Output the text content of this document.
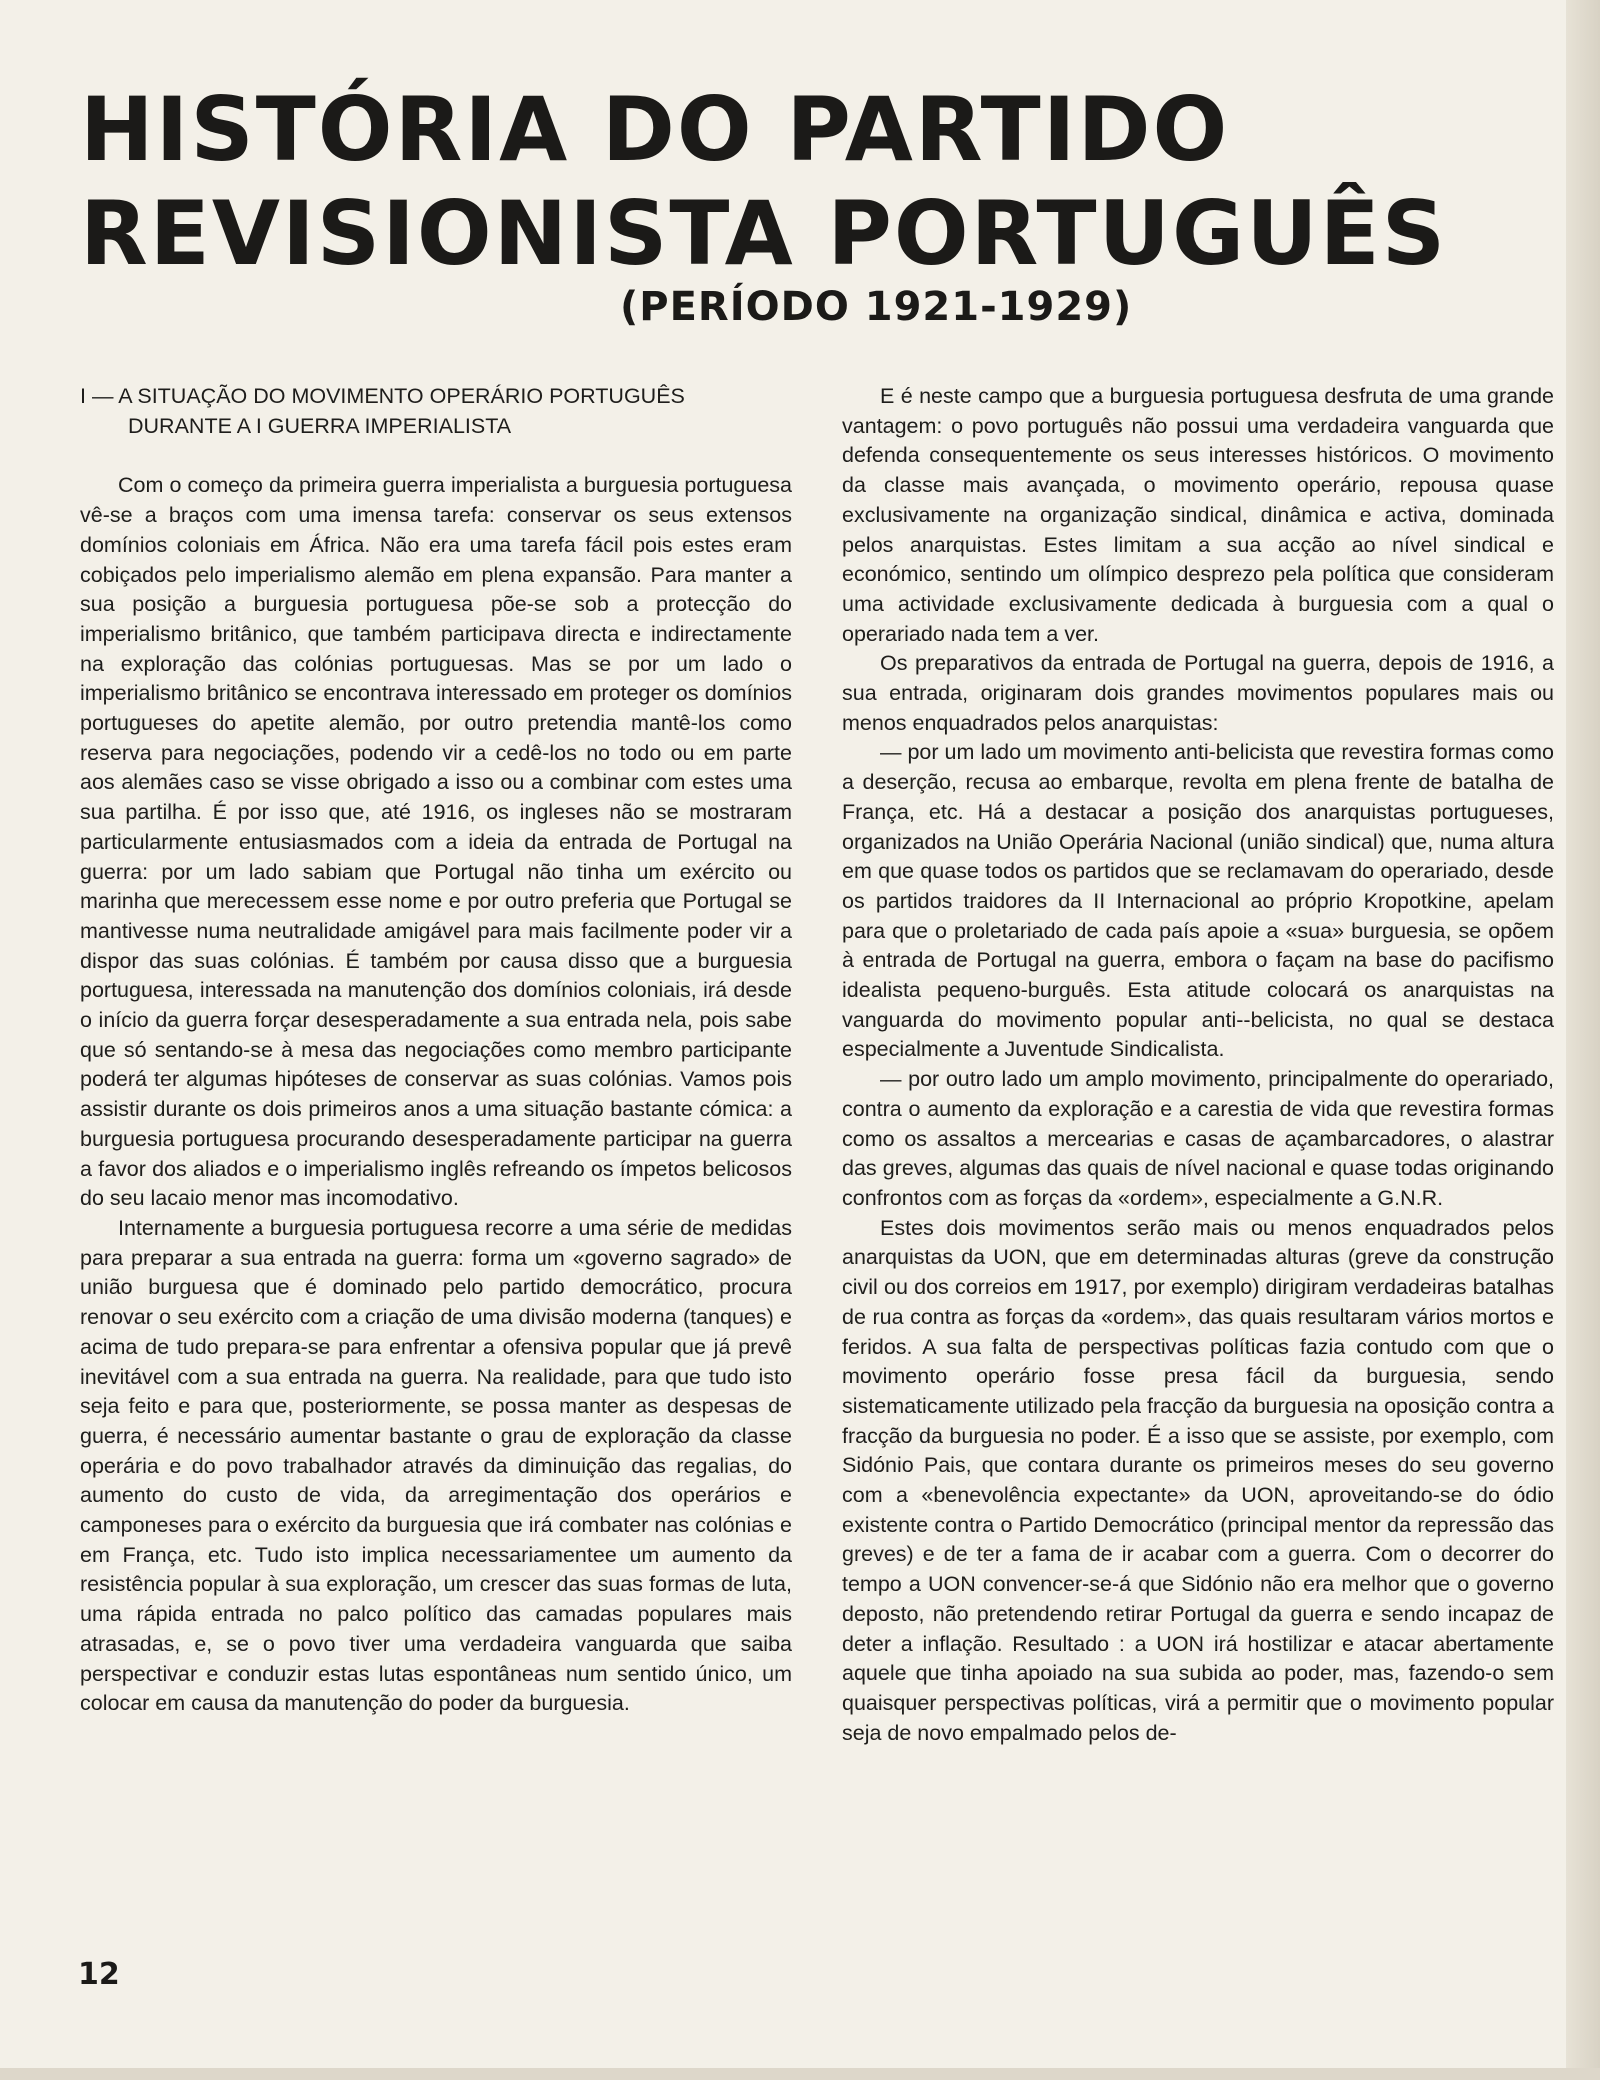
HISTÓRIA DO PARTIDO
REVISIONISTA PORTUGUÊS
(PERÍODO 1921-1929)
I — A SITUAÇÃO DO MOVIMENTO OPERÁRIO PORTUGUÊS
DURANTE A I GUERRA IMPERIALISTA

Com o começo da primeira guerra imperialista a burguesia portuguesa vê-se a braços com uma imensa tarefa: conservar os seus extensos domínios coloniais em África. Não era uma tarefa fácil pois estes eram cobiçados pelo imperialismo alemão em plena expansão. Para manter a sua posição a burguesia portuguesa põe-se sob a protecção do imperialismo britânico, que também participava directa e indirectamente na exploração das colónias portuguesas. Mas se por um lado o imperialismo britânico se encontrava interessado em proteger os domínios portugueses do apetite alemão, por outro pretendia mantê-los como reserva para negociações, podendo vir a cedê-los no todo ou em parte aos alemães caso se visse obrigado a isso ou a combinar com estes uma sua partilha. É por isso que, até 1916, os ingleses não se mostraram particularmente entusiasmados com a ideia da entrada de Portugal na guerra: por um lado sabiam que Portugal não tinha um exército ou marinha que merecessem esse nome e por outro preferia que Portugal se mantivesse numa neutralidade amigável para mais facilmente poder vir a dispor das suas colónias. É também por causa disso que a burguesia portuguesa, interessada na manutenção dos domínios coloniais, irá desde o início da guerra forçar desesperadamente a sua entrada nela, pois sabe que só sentando-se à mesa das negociações como membro participante poderá ter algumas hipóteses de conservar as suas colónias. Vamos pois assistir durante os dois primeiros anos a uma situação bastante cómica: a burguesia portuguesa procurando desesperadamente participar na guerra a favor dos aliados e o imperialismo inglês refreando os ímpetos belicosos do seu lacaio menor mas incomodativo.

Internamente a burguesia portuguesa recorre a uma série de medidas para preparar a sua entrada na guerra: forma um «governo sagrado» de união burguesa que é dominado pelo partido democrático, procura renovar o seu exército com a criação de uma divisão moderna (tanques) e acima de tudo prepara-se para enfrentar a ofensiva popular que já prevê inevitável com a sua entrada na guerra. Na realidade, para que tudo isto seja feito e para que, posteriormente, se possa manter as despesas de guerra, é necessário aumentar bastante o grau de exploração da classe operária e do povo trabalhador através da diminuição das regalias, do aumento do custo de vida, da arregimentação dos operários e camponeses para o exército da burguesia que irá combater nas colónias e em França, etc. Tudo isto implica necessariamentee um aumento da resistência popular à sua exploração, um crescer das suas formas de luta, uma rápida entrada no palco político das camadas populares mais atrasadas, e, se o povo tiver uma verdadeira vanguarda que saiba perspectivar e conduzir estas lutas espontâneas num sentido único, um colocar em causa da manutenção do poder da burguesia.

E é neste campo que a burguesia portuguesa desfruta de uma grande vantagem: o povo português não possui uma verdadeira vanguarda que defenda consequentemente os seus interesses históricos. O movimento da classe mais avançada, o movimento operário, repousa quase exclusivamente na organização sindical, dinâmica e activa, dominada pelos anarquistas. Estes limitam a sua acção ao nível sindical e económico, sentindo um olímpico desprezo pela política que consideram uma actividade exclusivamente dedicada à burguesia com a qual o operariado nada tem a ver.

Os preparativos da entrada de Portugal na guerra, depois de 1916, a sua entrada, originaram dois grandes movimentos populares mais ou menos enquadrados pelos anarquistas:

— por um lado um movimento anti-belicista que revestira formas como a deserção, recusa ao embarque, revolta em plena frente de batalha de França, etc. Há a destacar a posição dos anarquistas portugueses, organizados na União Operária Nacional (união sindical) que, numa altura em que quase todos os partidos que se reclamavam do operariado, desde os partidos traidores da II Internacional ao próprio Kropotkine, apelam para que o proletariado de cada país apoie a «sua» burguesia, se opõem à entrada de Portugal na guerra, embora o façam na base do pacifismo idealista pequeno-burguês. Esta atitude colocará os anarquistas na vanguarda do movimento popular anti--belicista, no qual se destaca especialmente a Juventude Sindicalista.

— por outro lado um amplo movimento, principalmente do operariado, contra o aumento da exploração e a carestia de vida que revestira formas como os assaltos a mercearias e casas de açambarcadores, o alastrar das greves, algumas das quais de nível nacional e quase todas originando confrontos com as forças da «ordem», especialmente a G.N.R.

Estes dois movimentos serão mais ou menos enquadrados pelos anarquistas da UON, que em determinadas alturas (greve da construção civil ou dos correios em 1917, por exemplo) dirigiram verdadeiras batalhas de rua contra as forças da «ordem», das quais resultaram vários mortos e feridos. A sua falta de perspectivas políticas fazia contudo com que o movimento operário fosse presa fácil da burguesia, sendo sistematicamente utilizado pela fracção da burguesia na oposição contra a fracção da burguesia no poder. É a isso que se assiste, por exemplo, com Sidónio Pais, que contara durante os primeiros meses do seu governo com a «benevolência expectante» da UON, aproveitando-se do ódio existente contra o Partido Democrático (principal mentor da repressão das greves) e de ter a fama de ir acabar com a guerra. Com o decorrer do tempo a UON convencer-se-á que Sidónio não era melhor que o governo deposto, não pretendendo retirar Portugal da guerra e sendo incapaz de deter a inflação. Resultado : a UON irá hostilizar e atacar abertamente aquele que tinha apoiado na sua subida ao poder, mas, fazendo-o sem quaisquer perspectivas políticas, virá a permitir que o movimento popular seja de novo empalmado pelos de-

12
